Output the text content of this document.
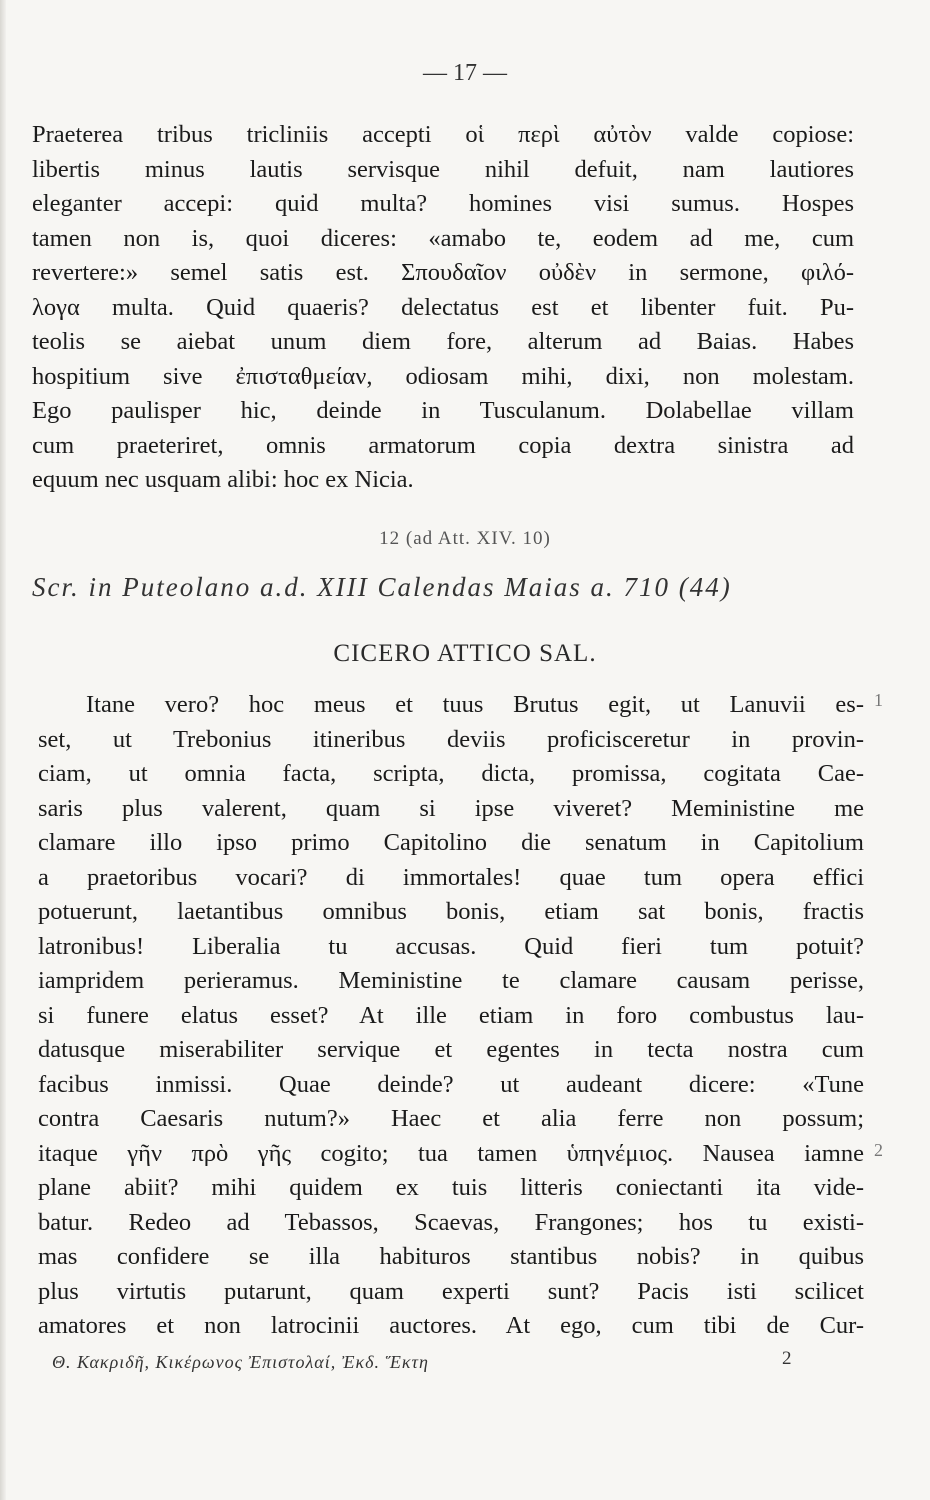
— 17 —
Praeterea tribus tricliniis accepti οἱ περὶ αὐτὸν valde copiose:
libertis minus lautis servisque nihil defuit, nam lautiores
eleganter accepi: quid multa? homines visi sumus. Hospes
tamen non is, quoi diceres: «amabo te, eodem ad me, cum
revertere:» semel satis est. Σπουδαῖον οὐδὲν in sermone, φιλό-
λογα multa. Quid quaeris? delectatus est et libenter fuit. Pu-
teolis se aiebat unum diem fore, alterum ad Baias. Habes
hospitium sive ἐπισταθμείαν, odiosam mihi, dixi, non molestam.
Ego paulisper hic, deinde in Tusculanum. Dolabellae villam
cum praeteriret, omnis armatorum copia dextra sinistra ad
equum nec usquam alibi: hoc ex Nicia.
12 (ad Att. XIV. 10)
Scr. in Puteolano a.d. XIII Calendas Maias a. 710 (44)
CICERO ATTICO SAL.
1
2
Itane vero? hoc meus et tuus Brutus egit, ut Lanuvii es-
set, ut Trebonius itineribus deviis proficisceretur in provin-
ciam, ut omnia facta, scripta, dicta, promissa, cogitata Cae-
saris plus valerent, quam si ipse viveret? Meministine me
clamare illo ipso primo Capitolino die senatum in Capitolium
a praetoribus vocari? di immortales! quae tum opera effici
potuerunt, laetantibus omnibus bonis, etiam sat bonis, fractis
latronibus! Liberalia tu accusas. Quid fieri tum potuit?
iampridem perieramus. Meministine te clamare causam perisse,
si funere elatus esset? At ille etiam in foro combustus lau-
datusque miserabiliter servique et egentes in tecta nostra cum
facibus inmissi. Quae deinde? ut audeant dicere: «Tune
contra Caesaris nutum?» Haec et alia ferre non possum;
itaque γῆν πρὸ γῆς cogito; tua tamen ὑπηνέμιος. Nausea iamne
plane abiit? mihi quidem ex tuis litteris coniectanti ita vide-
batur. Redeo ad Tebassos, Scaevas, Frangones; hos tu existi-
mas confidere se illa habituros stantibus nobis? in quibus
plus virtutis putarunt, quam experti sunt? Pacis isti scilicet
amatores et non latrocinii auctores. At ego, cum tibi de Cur-
Θ. Κακριδῆ, Κικέρωνος Ἐπιστολαί, Ἐκδ. Ἕκτη	2
